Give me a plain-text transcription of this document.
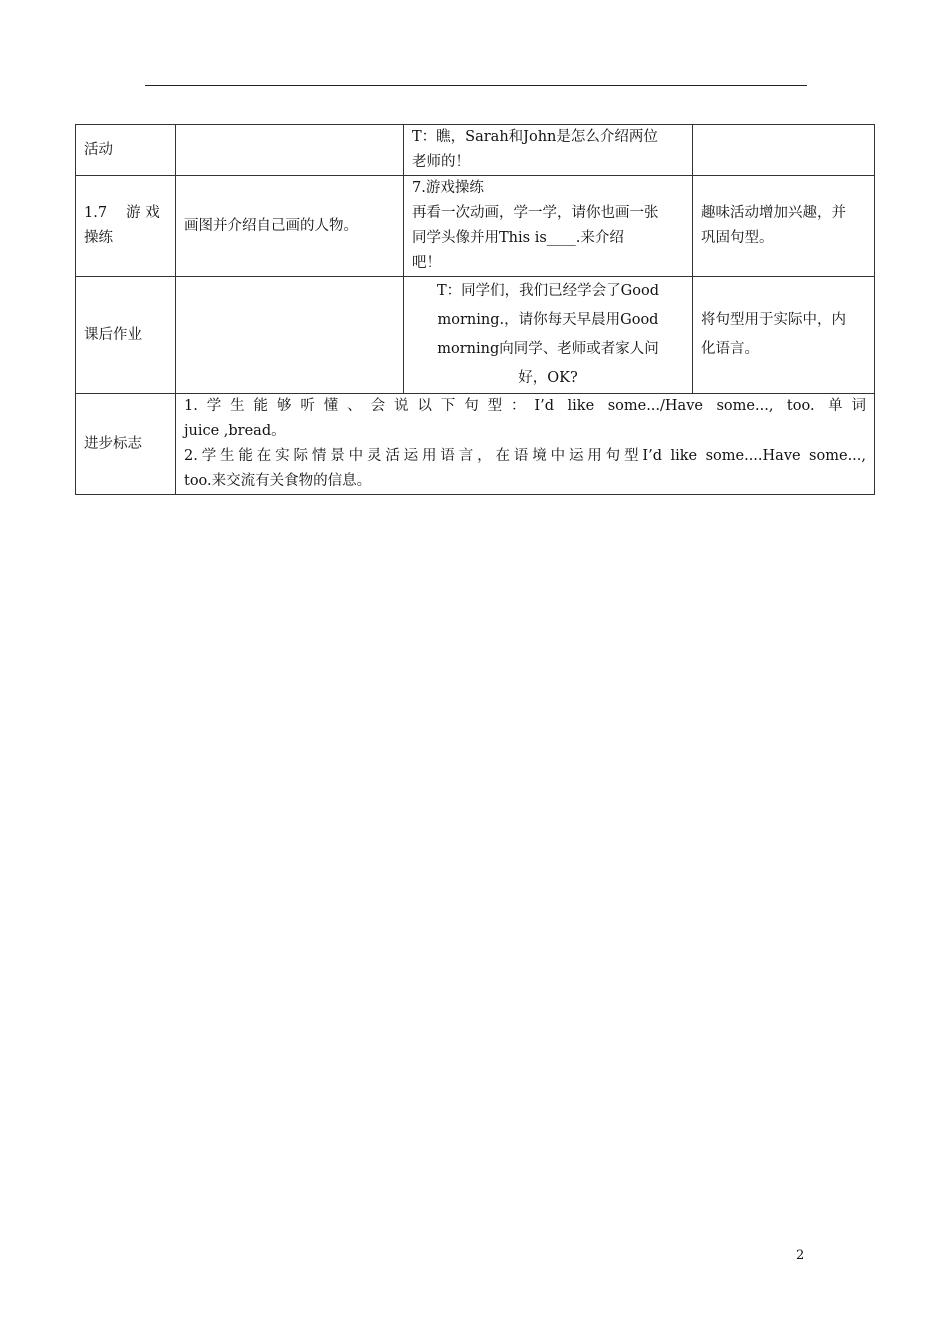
活动		T：瞧，Sarah和John是怎么介绍两位
老师的！	

1.7　 游 戏
操练	画图并介绍自己画的人物。	7.游戏操练
再看一次动画，学一学，请你也画一张
同学头像并用This is____.来介绍
吧！	趣味活动增加兴趣，并
巩固句型。

课后作业		T：同学们，我们已经学会了Good
morning.，请你每天早晨用Good
morning向同学、老师或者家人问
好，OK?	将句型用于实际中，内
化语言。

进步标志	1.学生能够听懂、会说以下句型：I’d like some.../Have some..., too. 单词
juice ,bread。
2.学生能在实际情景中灵活运用语言，在语境中运用句型I’d like some....Have some...,
too.来交流有关食物的信息。		
2
